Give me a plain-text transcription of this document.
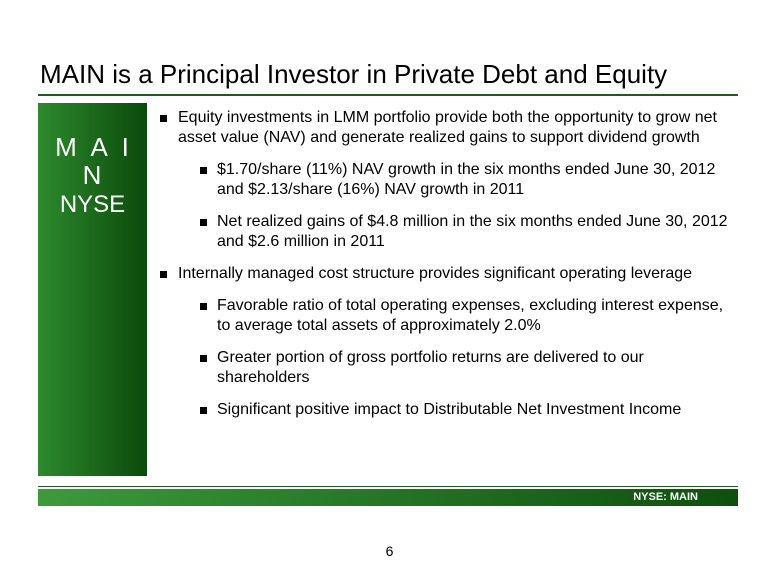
MAIN is a Principal Investor in Private Debt and Equity
M A I N
NYSE
Equity investments in LMM portfolio provide both the opportunity to grow net asset value (NAV) and generate realized gains to support dividend growth
$1.70/share (11%) NAV growth in the six months ended June 30, 2012 and $2.13/share (16%) NAV growth in 2011
Net realized gains of $4.8 million in the six months ended June 30, 2012 and $2.6 million in 2011
Internally managed cost structure provides significant operating leverage
Favorable ratio of total operating expenses, excluding interest expense, to average total assets of approximately 2.0%
Greater portion of gross portfolio returns are delivered to our shareholders
Significant positive impact to Distributable Net Investment Income
NYSE: MAIN
6
